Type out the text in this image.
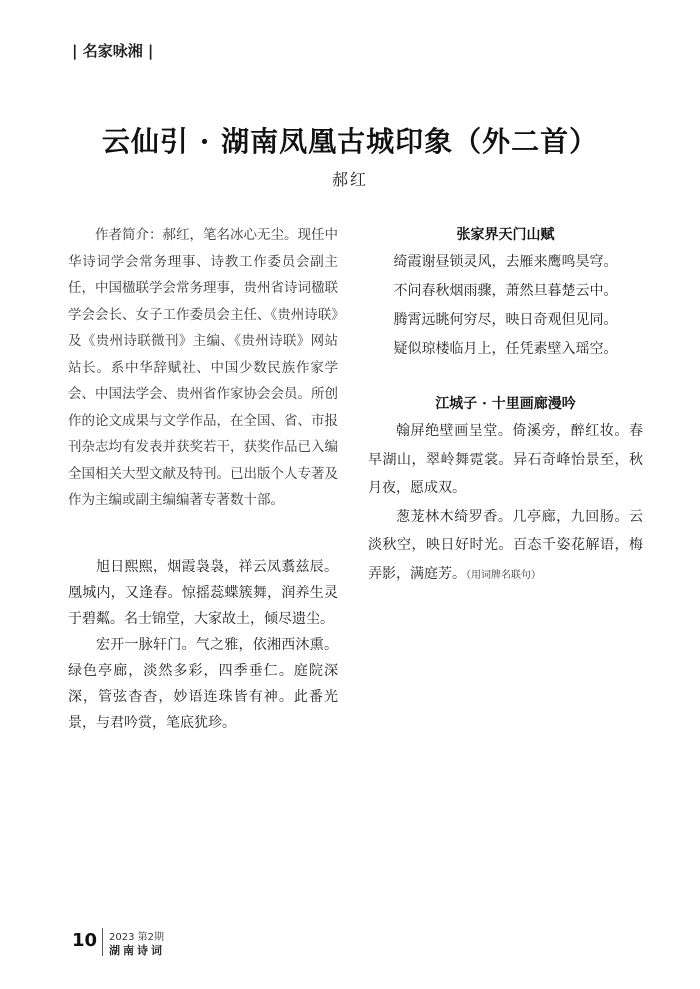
| 名家咏湘 |
云仙引 · 湖南凤凰古城印象（外二首）
郝红

作者简介：郝红，笔名冰心无尘。现任中华诗词学会常务理事、诗教工作委员会副主任，中国楹联学会常务理事，贵州省诗词楹联学会会长、女子工作委员会主任、《贵州诗联》及《贵州诗联微刊》主编、《贵州诗联》网站站长。系中华辞赋社、中国少数民族作家学会、中国法学会、贵州省作家协会会员。所创作的论文成果与文学作品，在全国、省、市报刊杂志均有发表并获奖若干，获奖作品已入编全国相关大型文献及特刊。已出版个人专著及作为主编或副主编编著专著数十部。

旭日熙熙，烟霞袅袅，祥云凤翥兹辰。凰城内，又逢春。惊摇蕊蝶簇舞，润养生灵于碧粼。名士锦堂，大家故土，倾尽遗尘。

宏开一脉轩门。气之雅，依湘西沐熏。绿色亭廊，淡然多彩，四季垂仁。庭院深深，管弦杳杳，妙语连珠皆有神。此番光景，与君吟赏，笔底犹珍。

张家界天门山赋

绮霞谢昼锁灵风，去雁来鹰鸣昊穹。

不问春秋烟雨骤，萧然旦暮楚云中。

腾霄远眺何穷尽，映日奇观但见同。

疑似琼楼临月上，任凭素壁入瑶空。

江城子 · 十里画廊漫吟

翰屏绝壁画呈堂。倚溪旁，醉红妆。春早湖山，翠岭舞霓裳。异石奇峰怡景至，秋月夜，愿成双。

葱茏林木绮罗香。几亭廊，九回肠。云淡秋空，映日好时光。百态千姿花解语，梅弄影，满庭芳。（用词牌名联句）

10 2023 第2期
湖南诗词
